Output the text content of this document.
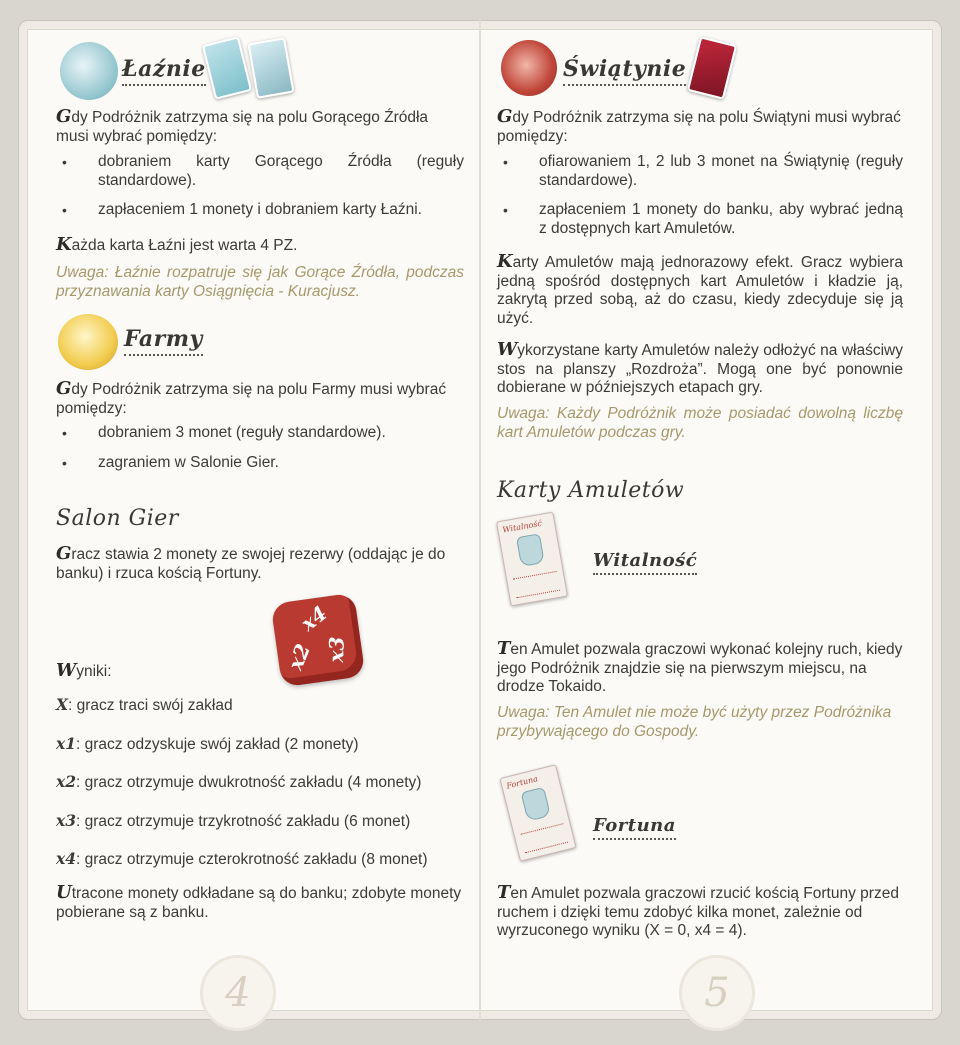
Łaźnie

Gdy Podróżnik zatrzyma się na polu Gorącego Źródła musi wybrać pomiędzy:

• dobraniem karty Gorącego Źródła (reguły standardowe).
• zapłaceniem 1 monety i dobraniem karty Łaźni.

Każda karta Łaźni jest warta 4 PZ.

Uwaga: Łaźnie rozpatruje się jak Gorące Źródła, podczas przyznawania karty Osiągnięcia - Kuracjusz.

Farmy

Gdy Podróżnik zatrzyma się na polu Farmy musi wybrać pomiędzy:

• dobraniem 3 monet (reguły standardowe).
• zagraniem w Salonie Gier.
Salon Gier

Gracz stawia 2 monety ze swojej rezerwy (oddając je do banku) i rzuca kością Fortuny.

x4
x2 x3

Wyniki:

X: gracz traci swój zakład
x1: gracz odzyskuje swój zakład (2 monety)
x2: gracz otrzymuje dwukrotność zakładu (4 monety)
x3: gracz otrzymuje trzykrotność zakładu (6 monet)
x4: gracz otrzymuje czterokrotność zakładu (8 monet)

Utracone monety odkładane są do banku; zdobyte monety pobierane są z banku.

4
Świątynie

Gdy Podróżnik zatrzyma się na polu Świątyni musi wybrać pomiędzy:

• ofiarowaniem 1, 2 lub 3 monet na Świątynię (reguły standardowe).
• zapłaceniem 1 monety do banku, aby wybrać jedną z dostępnych kart Amuletów.

Karty Amuletów mają jednorazowy efekt. Gracz wybiera jedną spośród dostępnych kart Amuletów i kładzie ją, zakrytą przed sobą, aż do czasu, kiedy zdecyduje się ją użyć.

Wykorzystane karty Amuletów należy odłożyć na właściwy stos na planszy „Rozdroża”. Mogą one być ponownie dobierane w późniejszych etapach gry.

Uwaga: Każdy Podróżnik może posiadać dowolną liczbę kart Amuletów podczas gry.

Karty Amuletów
Witalność
Witalność

Ten Amulet pozwala graczowi wykonać kolejny ruch, kiedy jego Podróżnik znajdzie się na pierwszym miejscu, na drodze Tokaido.

Uwaga: Ten Amulet nie może być użyty przez Podróżnika przybywającego do Gospody.

Fortuna
Fortuna

Ten Amulet pozwala graczowi rzucić kością Fortuny przed ruchem i dzięki temu zdobyć kilka monet, zależnie od wyrzuconego wyniku (X = 0, x4 = 4).

5
